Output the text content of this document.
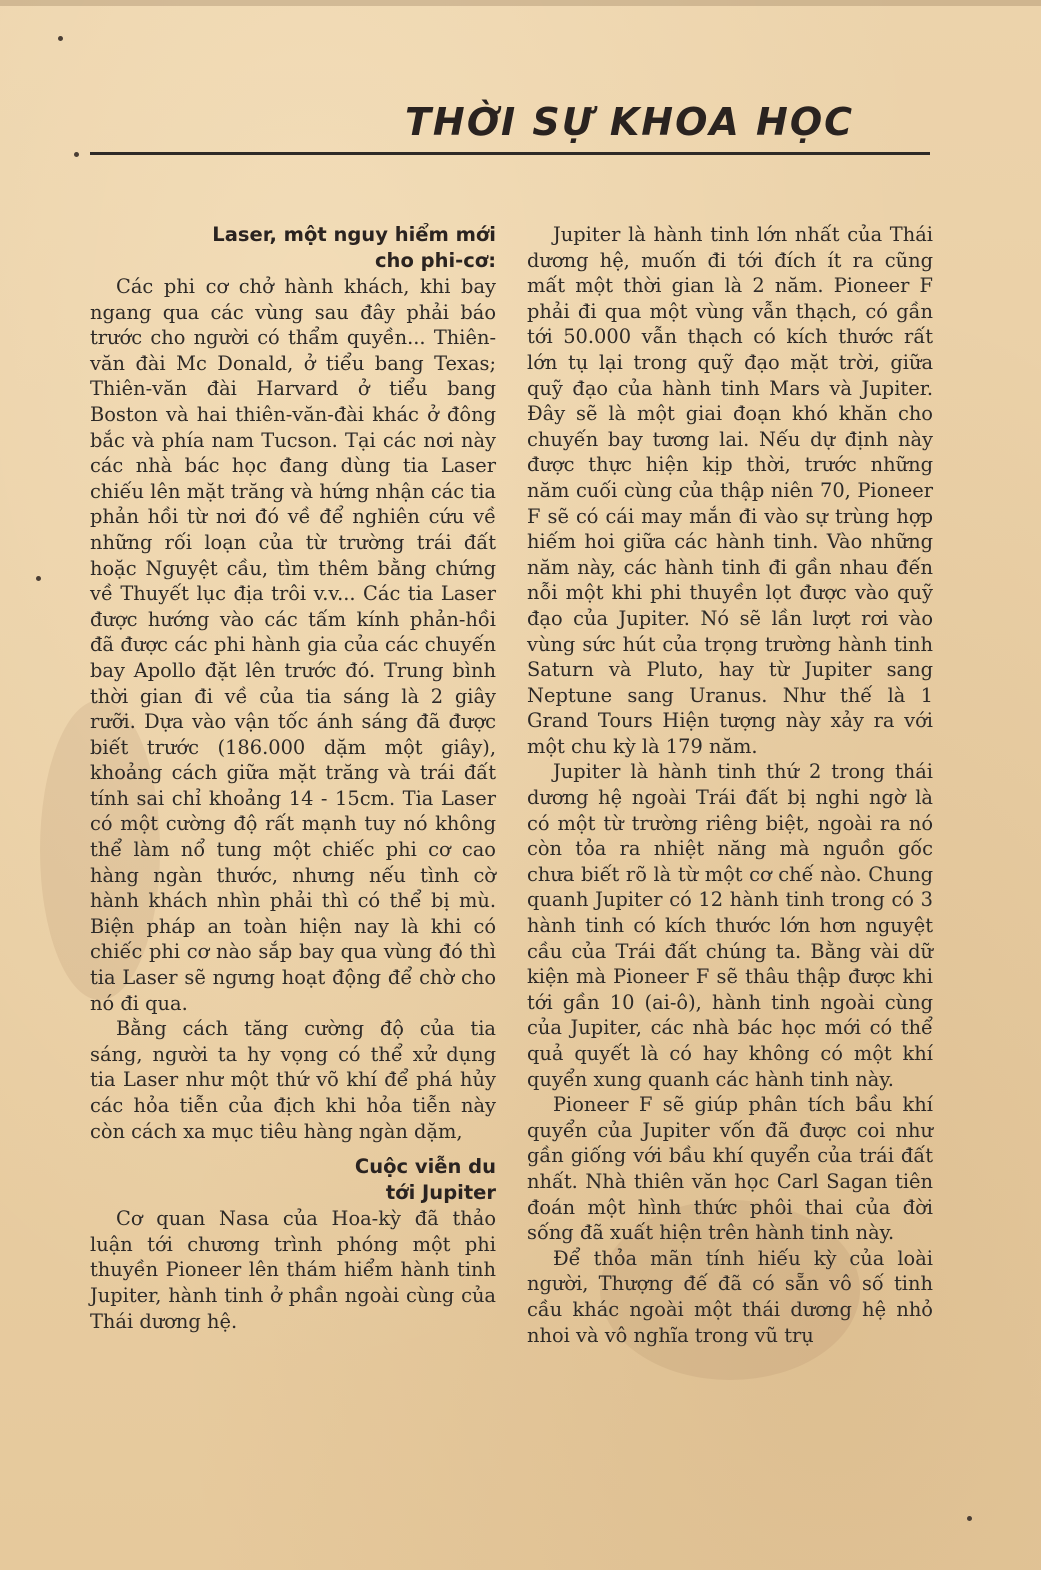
THỜI SỰ KHOA HỌC
Laser, một nguy hiểm mới
cho phi-cơ:

Các phi cơ chở hành khách, khi bay ngang qua các vùng sau đây phải báo trước cho người có thẩm quyền... Thiên-văn đài Mc Donald, ở tiểu bang Texas; Thiên-văn đài Harvard ở tiểu bang Boston và hai thiên-văn-đài khác ở đông bắc và phía nam Tucson. Tại các nơi này các nhà bác học đang dùng tia Laser chiếu lên mặt trăng và hứng nhận các tia phản hồi từ nơi đó về để nghiên cứu về những rối loạn của từ trường trái đất hoặc Nguyệt cầu, tìm thêm bằng chứng về Thuyết lục địa trôi v.v... Các tia Laser được hướng vào các tấm kính phản-hồi đã được các phi hành gia của các chuyến bay Apollo đặt lên trước đó. Trung bình thời gian đi về của tia sáng là 2 giây rưỡi. Dựa vào vận tốc ánh sáng đã được biết trước (186.000 dặm một giây), khoảng cách giữa mặt trăng và trái đất tính sai chỉ khoảng 14 - 15cm. Tia Laser có một cường độ rất mạnh tuy nó không thể làm nổ tung một chiếc phi cơ cao hàng ngàn thước, nhưng nếu tình cờ hành khách nhìn phải thì có thể bị mù. Biện pháp an toàn hiện nay là khi có chiếc phi cơ nào sắp bay qua vùng đó thì tia Laser sẽ ngưng hoạt động để chờ cho nó đi qua.

Bằng cách tăng cường độ của tia sáng, người ta hy vọng có thể xử dụng tia Laser như một thứ võ khí để phá hủy các hỏa tiễn của địch khi hỏa tiễn này còn cách xa mục tiêu hàng ngàn dặm,

Cuộc viễn du
tới Jupiter

Cơ quan Nasa của Hoa-kỳ đã thảo luận tới chương trình phóng một phi thuyền Pioneer lên thám hiểm hành tinh Jupiter, hành tinh ở phần ngoài cùng của Thái dương hệ.

Jupiter là hành tinh lớn nhất của Thái dương hệ, muốn đi tới đích ít ra cũng mất một thời gian là 2 năm. Pioneer F phải đi qua một vùng vẫn thạch, có gần tới 50.000 vẫn thạch có kích thước rất lớn tụ lại trong quỹ đạo mặt trời, giữa quỹ đạo của hành tinh Mars và Jupiter. Đây sẽ là một giai đoạn khó khăn cho chuyến bay tương lai. Nếu dự định này được thực hiện kịp thời, trước những năm cuối cùng của thập niên 70, Pioneer F sẽ có cái may mắn đi vào sự trùng hợp hiếm hoi giữa các hành tinh. Vào những năm này, các hành tinh đi gần nhau đến nỗi một khi phi thuyền lọt được vào quỹ đạo của Jupiter. Nó sẽ lần lượt rơi vào vùng sức hút của trọng trường hành tinh Saturn và Pluto, hay từ Jupiter sang Neptune sang Uranus. Như thế là 1 Grand Tours Hiện tượng này xảy ra với một chu kỳ là 179 năm.

Jupiter là hành tinh thứ 2 trong thái dương hệ ngoài Trái đất bị nghi ngờ là có một từ trường riêng biệt, ngoài ra nó còn tỏa ra nhiệt năng mà nguồn gốc chưa biết rõ là từ một cơ chế nào. Chung quanh Jupiter có 12 hành tinh trong có 3 hành tinh có kích thước lớn hơn nguyệt cầu của Trái đất chúng ta. Bằng vài dữ kiện mà Pioneer F sẽ thâu thập được khi tới gần 10 (ai-ô), hành tinh ngoài cùng của Jupiter, các nhà bác học mới có thể quả quyết là có hay không có một khí quyển xung quanh các hành tinh này.

Pioneer F sẽ giúp phân tích bầu khí quyển của Jupiter vốn đã được coi như gần giống với bầu khí quyển của trái đất nhất. Nhà thiên văn học Carl Sagan tiên đoán một hình thức phôi thai của đời sống đã xuất hiện trên hành tinh này.

Để thỏa mãn tính hiếu kỳ của loài người, Thượng đế đã có sẵn vô số tinh cầu khác ngoài một thái dương hệ nhỏ nhoi và vô nghĩa trong vũ trụ
